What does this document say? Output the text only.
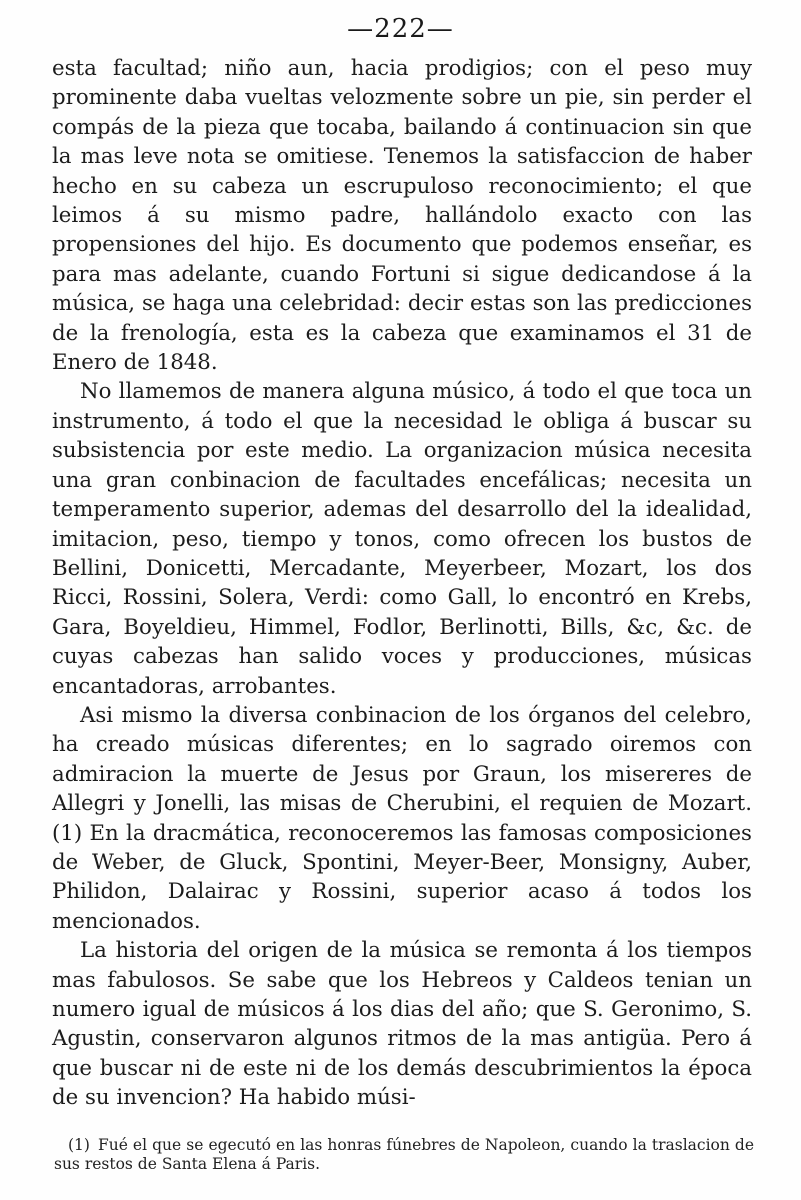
—222—

esta facultad; niño aun, hacia prodigios; con el peso muy prominente daba vueltas velozmente sobre un pie, sin perder el compás de la pieza que tocaba, bailando á continuacion sin que la mas leve nota se omitiese. Tenemos la satisfaccion de haber hecho en su cabeza un escrupuloso reconocimiento; el que leimos á su mismo padre, hallándolo exacto con las propensiones del hijo. Es documento que podemos enseñar, es para mas adelante, cuando Fortuni si sigue dedicandose á la música, se haga una celebridad: decir estas son las predicciones de la frenología, esta es la cabeza que examinamos el 31 de Enero de 1848.

No llamemos de manera alguna músico, á todo el que toca un instrumento, á todo el que la necesidad le obliga á buscar su subsistencia por este medio. La organizacion música necesita una gran conbinacion de facultades encefálicas; necesita un temperamento superior, ademas del desarrollo del la idealidad, imitacion, peso, tiempo y tonos, como ofrecen los bustos de Bellini, Donicetti, Mercadante, Meyerbeer, Mozart, los dos Ricci, Rossini, Solera, Verdi: como Gall, lo encontró en Krebs, Gara, Boyeldieu, Himmel, Fodlor, Berlinotti, Bills, &c, &c. de cuyas cabezas han salido voces y producciones, músicas encantadoras, arrobantes.

Asi mismo la diversa conbinacion de los órganos del celebro, ha creado músicas diferentes; en lo sagrado oiremos con admiracion la muerte de Jesus por Graun, los misereres de Allegri y Jonelli, las misas de Cherubini, el requien de Mozart. (1) En la dracmática, reconoceremos las famosas composiciones de Weber, de Gluck, Spontini, Meyer-Beer, Monsigny, Auber, Philidon, Dalairac y Rossini, superior acaso á todos los mencionados.

La historia del origen de la música se remonta á los tiempos mas fabulosos. Se sabe que los Hebreos y Caldeos tenian un numero igual de músicos á los dias del año; que S. Geronimo, S. Agustin, conservaron algunos ritmos de la mas antigüa. Pero á que buscar ni de este ni de los demás descubrimientos la época de su invencion? Ha habido músi-

(1) Fué el que se egecutó en las honras fúnebres de Napoleon, cuando la traslacion de sus restos de Santa Elena á Paris.
